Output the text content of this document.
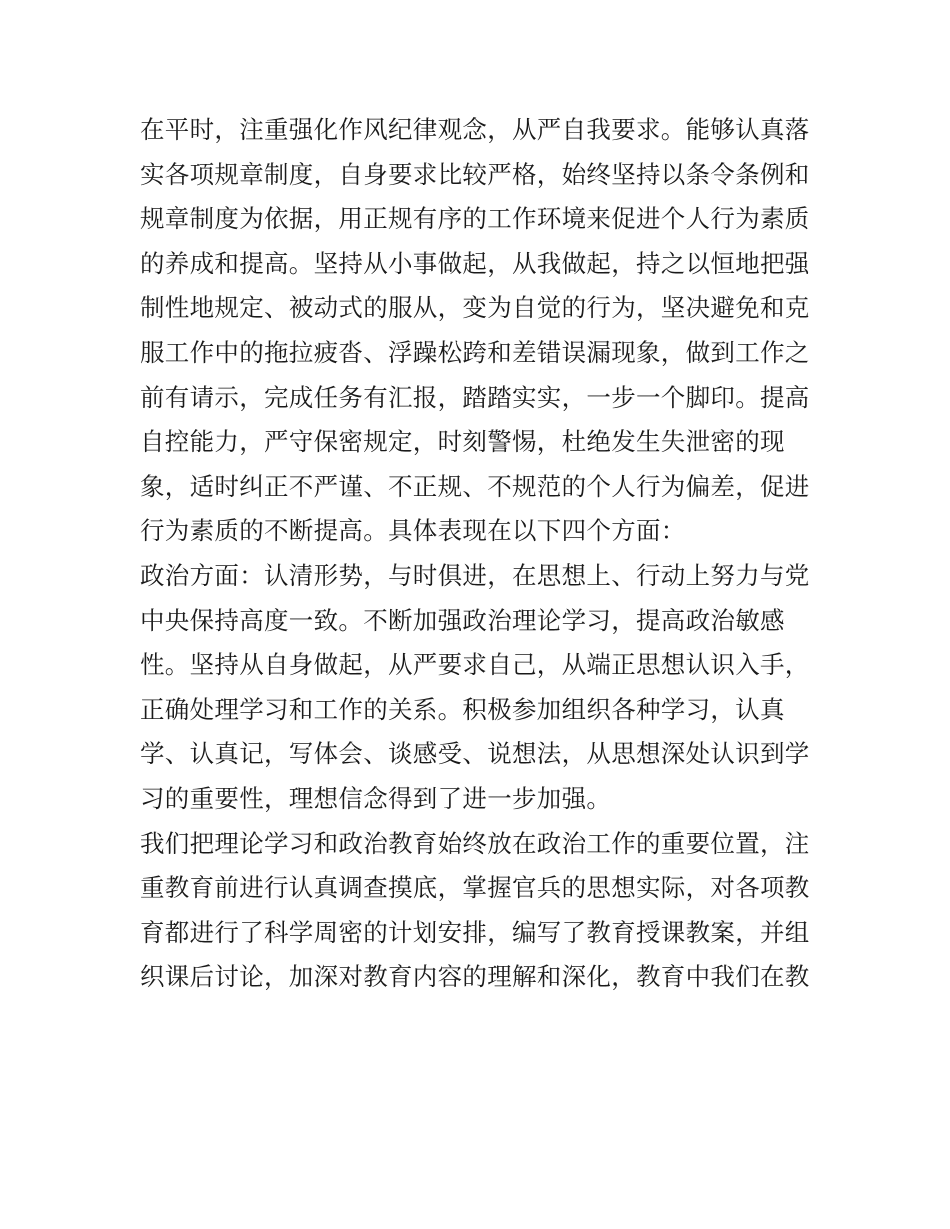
在平时，注重强化作风纪律观念，从严自我要求。能够认真落
实各项规章制度，自身要求比较严格，始终坚持以条令条例和
规章制度为依据，用正规有序的工作环境来促进个人行为素质
的养成和提高。坚持从小事做起，从我做起，持之以恒地把强
制性地规定、被动式的服从，变为自觉的行为，坚决避免和克
服工作中的拖拉疲沓、浮躁松跨和差错误漏现象，做到工作之
前有请示，完成任务有汇报，踏踏实实，一步一个脚印。提高
自控能力，严守保密规定，时刻警惕，杜绝发生失泄密的现
象，适时纠正不严谨、不正规、不规范的个人行为偏差，促进
行为素质的不断提高。具体表现在以下四个方面：
政治方面：认清形势，与时俱进，在思想上、行动上努力与党
中央保持高度一致。不断加强政治理论学习，提高政治敏感
性。坚持从自身做起，从严要求自己，从端正思想认识入手，
正确处理学习和工作的关系。积极参加组织各种学习，认真
学、认真记，写体会、谈感受、说想法，从思想深处认识到学
习的重要性，理想信念得到了进一步加强。
我们把理论学习和政治教育始终放在政治工作的重要位置，注
重教育前进行认真调查摸底，掌握官兵的思想实际，对各项教
育都进行了科学周密的计划安排，编写了教育授课教案，并组
织课后讨论，加深对教育内容的理解和深化，教育中我们在教
